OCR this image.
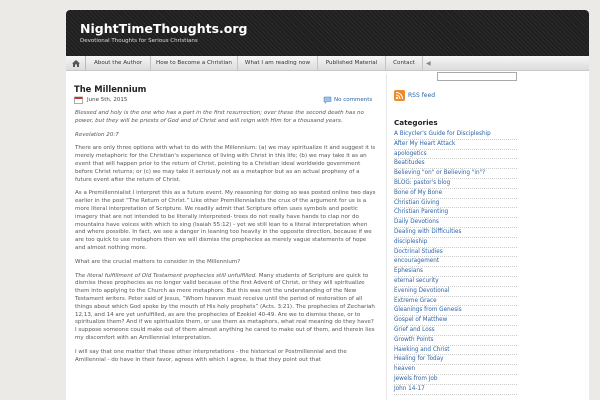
NightTimeThoughts.org
Devotional Thoughts for Serious Christians
About the Author	How to Become a Christian	What I am reading now	Published Material	Contact	◀
The Millennium
June 5th, 2015	No comments

Blessed and holy is the one who has a part in the first resurrection; over these the second death has no power, but they will be priests of God and of Christ and will reign with Him for a thousand years.

Revelation 20:7

There are only three options with what to do with the Millennium: (a) we may spiritualize it and suggest it is merely metaphoric for the Christian's experience of living with Christ in this life; (b) we may take it as an event that will happen prior to the return of Christ, pointing to a Christian ideal worldwide government before Christ returns; or (c) we may take it seriously not as a metaphor but as an actual prophesy of a future event after the return of Christ.

As a Premillennialist I interpret this as a future event. My reasoning for doing so was posted online two days earlier in the post “The Return of Christ.” Like other Premillennialists the crux of the argument for us is a more literal interpretation of Scripture. We readily admit that Scripture often uses symbols and poetic imagery that are not intended to be literally interpreted- trees do not really have hands to clap nor do mountains have voices with which to sing (Isaiah 55:12) - yet we still lean to a literal interpretation when and where possible. In fact, we see a danger in leaning too heavily in the opposite direction, because if we are too quick to use metaphors then we will dismiss the prophecies as merely vague statements of hope and almost nothing more.

What are the crucial matters to consider in the Millennium?

The literal fulfillment of Old Testament prophecies still unfulfilled. Many students of Scripture are quick to dismiss these prophecies as no longer valid because of the first Advent of Christ, or they will spiritualize them into applying to the Church as mere metaphors. But this was not the understanding of the New Testament writers. Peter said of Jesus, “Whom heaven must receive until the period of restoration of all things about which God spoke by the mouth of His holy prophets” (Acts. 3:21). The prophecies of Zechariah 12,13, and 14 are yet unfulfilled, as are the prophecies of Ezekiel 40-49. Are we to dismiss these, or to spiritualize them? And if we spiritualize them, or use them as metaphors, what real meaning do they have? I suppose someone could make out of them almost anything he cared to make out of them, and therein lies my discomfort with an Amillennial interpretation.

I will say that one matter that these other interpretations - the historical or Postmillennial and the Amillennial - do have in their favor, agrees with which I agree, is that they point out that

RSS feed
Categories
A Bicycler's Guide for Discipleship
After My Heart Attack
apologetics
Beatitudes
Believing "on" or Believing "in"?
BLOG: pastor's blog
Bone of My Bone
Christian Giving
Christian Parenting
Daily Devotions
Dealing with Difficulties
discipleship
Doctrinal Studies
encouragement
Ephesians
eternal security
Evening Devotional
Extreme Grace
Gleanings from Genesis
Gospel of Matthew
Grief and Loss
Growth Points
Hawking and Christ
Healing for Today
heaven
Jewels from Job
John 14-17
